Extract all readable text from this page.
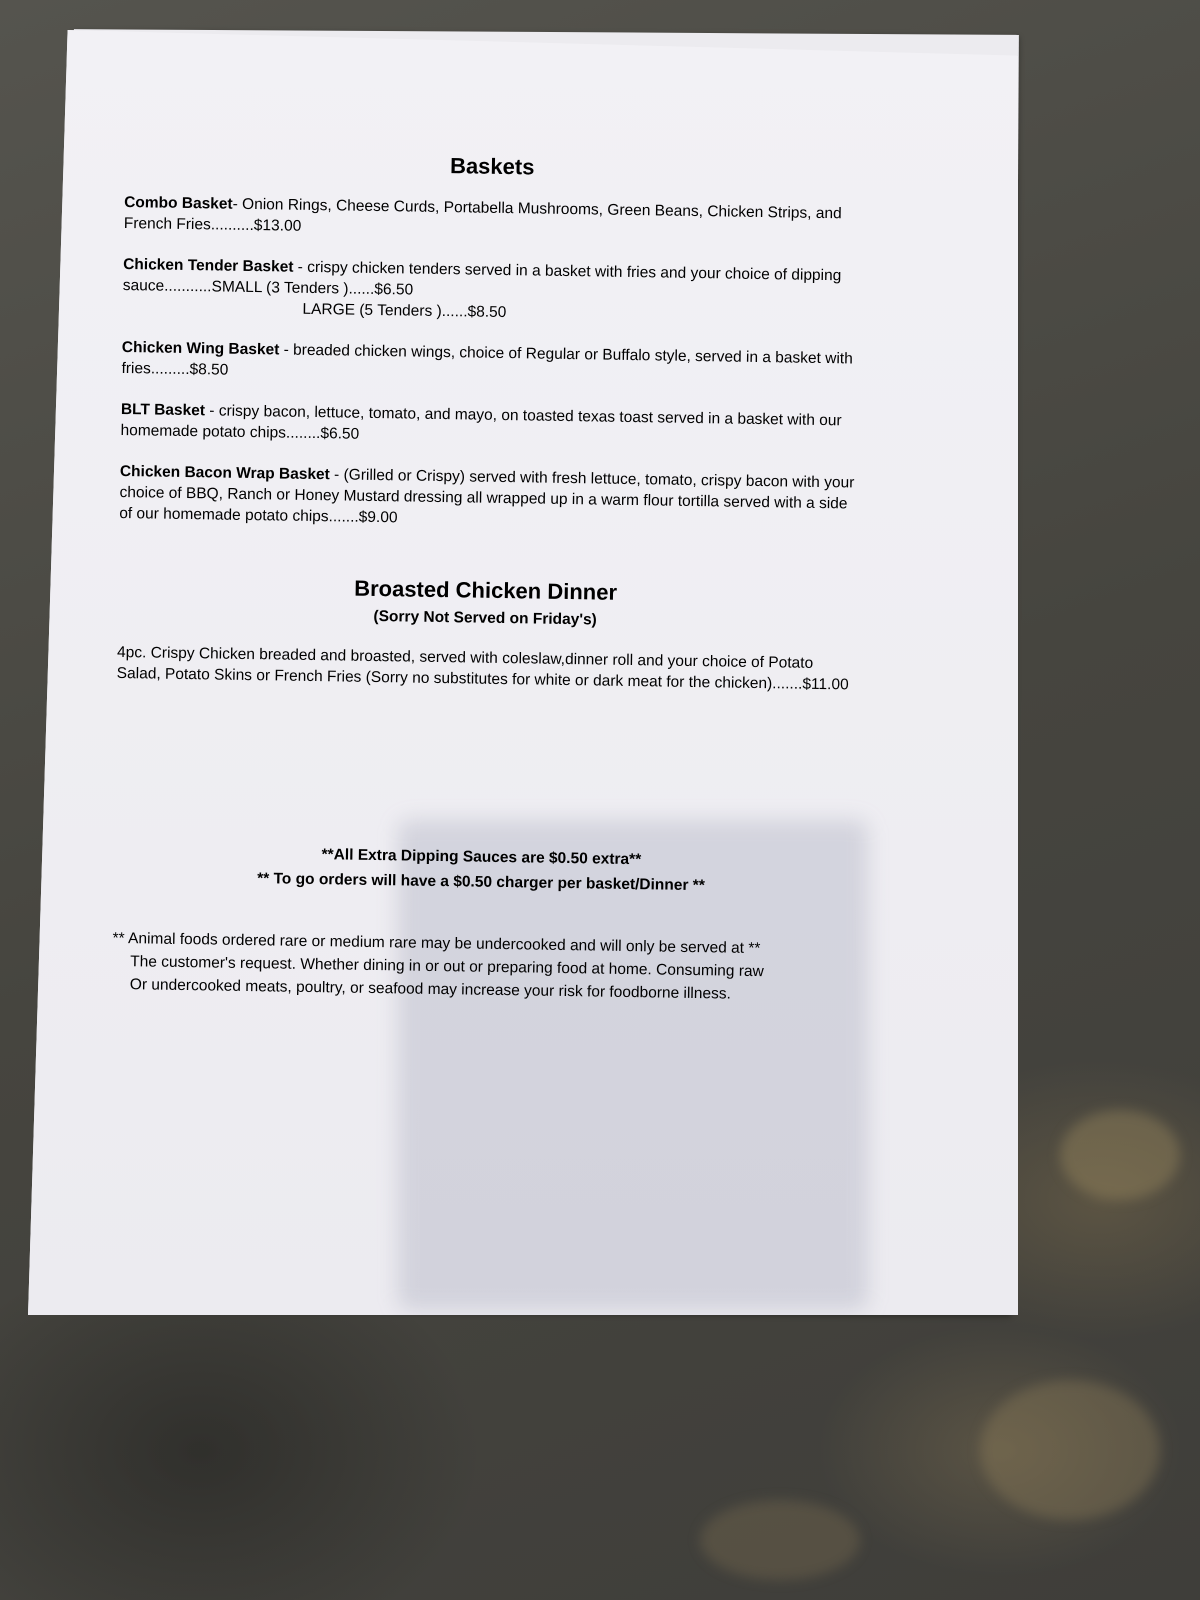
Baskets
Combo Basket- Onion Rings, Cheese Curds, Portabella Mushrooms, Green Beans, Chicken Strips, and French Fries..........$13.00
Chicken Tender Basket - crispy chicken tenders served in a basket with fries and your choice of dipping sauce...........SMALL (3 Tenders )......$6.50
LARGE (5 Tenders )......$8.50
Chicken Wing Basket - breaded chicken wings, choice of Regular or Buffalo style, served in a basket with fries.........$8.50
BLT Basket - crispy bacon, lettuce, tomato, and mayo, on toasted texas toast served in a basket with our homemade potato chips........$6.50
Chicken Bacon Wrap Basket - (Grilled or Crispy) served with fresh lettuce, tomato, crispy bacon with your choice of BBQ, Ranch or Honey Mustard dressing all wrapped up in a warm flour tortilla served with a side of our homemade potato chips.......$9.00
Broasted Chicken Dinner
(Sorry Not Served on Friday's)
4pc. Crispy Chicken breaded and broasted, served with coleslaw,dinner roll and your choice of Potato Salad, Potato Skins or French Fries (Sorry no substitutes for white or dark meat for the chicken).......$11.00
**All Extra Dipping Sauces are $0.50 extra**
** To go orders will have a $0.50 charger per basket/Dinner **
** Animal foods ordered rare or medium rare may be undercooked and will only be served at **
The customer's request. Whether dining in or out or preparing food at home. Consuming raw
Or undercooked meats, poultry, or seafood may increase your risk for foodborne illness.
